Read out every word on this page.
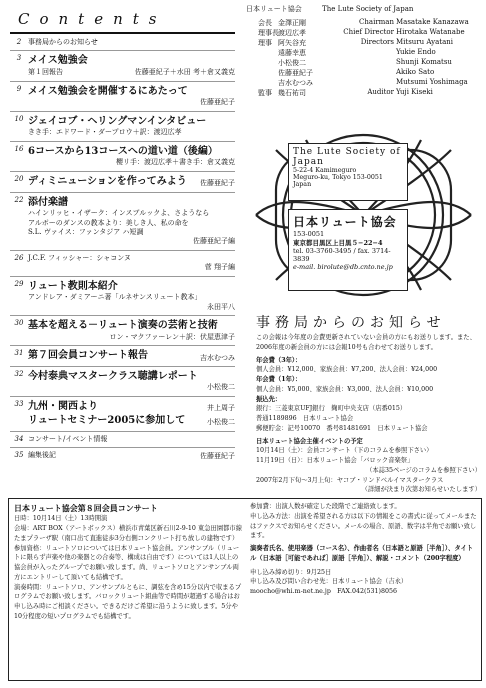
Contents
2 事務局からのお知らせ
3 メイス勉強会
第１回報告	佐藤亜紀子＋水田 考＋倉又義克
9 メイス勉強会を開催するにあたって
佐藤亜紀子
10 ジェイコブ・ヘリングマンインタビュー
きき手：エドワード・ダープロウ＋訳：渡辺広孝
16 6コースから13コースへの道い道（後編）
櫻リ手：渡辺広孝＋書き手：倉又義克
20 ディミニューションを作ってみよう	佐藤亜紀子
22 添付楽譜
ハインリッヒ・イザーク：インスブルックよ、さようなら
アルボーのダンスの教本より：美しき人、私の命を
S.L. ヴァイス：ファンタジア ハ短調
佐藤亜紀子編
26 J.C.F. フィッシャー：シャコンヌ
菅 翔子編
29 リュート教則本紹介
アンドレア・ダミアーニ著「ルネサンスリュート教本」
永田平八
30 基本を超える－リュート演奏の芸術と技術
ロン・マクファーレン＋訳：伏屋恵津子
31 第７回会員コンサート報告	吉水むつみ
32 今村泰典マスタークラス聴講レポート
小松俊二
33 九州・関西より	井上周子
リュートセミナー2005に参加して	小松俊二
34 コンサート/イベント情報
35 編集後記	佐藤亜紀子
日本リュート協会	The Lute Society of Japan
会長 金澤正剛	Chairman Masatake Kanazawa
理事長 渡辺広孝	Chief Director Hirotaka Watanabe
理事 阿矢谷充	Directors Mitsuru Ayatani
遠藤幸恵	Yukie Endo
小松俊二	Shunji Komatsu
佐藤亜紀子	Akiko Sato
吉水むつみ	Mutsumi Yoshimaga
監事 幾石祐司	Auditor Yuji Kiseki
The Lute Society of Japan
5-22-4 Kamimeguro
Meguro-ku, Tokyo 153-0051
Japan
日本リュート協会
153-0051
東京都目黒区上目黒５−22−4
tel. 03-3760-3495 / fax. 3714-3839
e-mail. birolute@db.cnto.ne.jp
事務局からのお知らせ
この会報は今年度の会費更新されていない会員の方にもお送りします。また、2006年度の新会員の方には会報10号も合わせてお送りします。
年会費（3年）：
個人会員：¥12,000、家族会員：¥7,200、法人会員：¥24,000
年会費（1年）：
個人会員：¥5,000、家族会員：¥3,000、法人会員：¥10,000
振込先：
銀行：三菱東京UFJ銀行　麹町中央支店（店番015）
普通1189896　日本リュート協会
郵便貯金：記号10070　番号81481691　日本リュート協会
日本リュート協会主催イベントの予定
10月14日（土）：会員コンサート（下のコラムを参照下さい）
11月19日（日）：日本リュート協会「バロック音楽祭」
（本誌35ページのコラムを参照下さい）
2007年2月下旬〜3月上旬：ヤコブ・リンドベルイマスタークラス
（詳細が決まり次第お知らせいたします）
日本リュート協会第８回会員コンサート
日時：10月14日（土）13時開演
会場：ART BOX（アートボックス）横浜市青葉区新石川2-9-10 東急田園都市線たまプラーザ駅（南口出て直進徒歩3分右側コンクリート打ち放しの建物です）
参加資格：リュートソロについては日本リュート協会員。アンサンブル（リュートに限らず声楽や他の楽器との合奏等、構成は自由です）については1人以上の協会員が入ったグループでお願い致します。尚、リュートソロとアンサンブル両方にエントリーして頂いても結構です。
演奏時間：リュートソロ、アンサンブルともに、調弦を含め15分以内で収まるプログラムでお願い致します。バロックリュート組曲等で時間が超過する場合はお申し込み時にご相談ください。できるだけご希望に沿うように致します。5分や10分程度の短いプログラムでも結構です。
参加費：出演人数が確定した段階でご連絡致します。
申し込み方法：出演を希望される方は以下の情報をこの書式に従ってメールまたはファクスでお知らせください。メールの場合、原語、数字は半角でお願い致します。
演奏者氏名、使用楽器（コース名）、作曲者名（日本語と原語［半角］）、タイトル（日本語［可能であれば］原語［半角］）、解説・コメント（200字程度）
申し込み締め切り：9月25日
申し込み及び問い合わせ先：日本リュート協会（吉永）
moocho@whi.m-net.ne.jp　FAX.042(531)8056
